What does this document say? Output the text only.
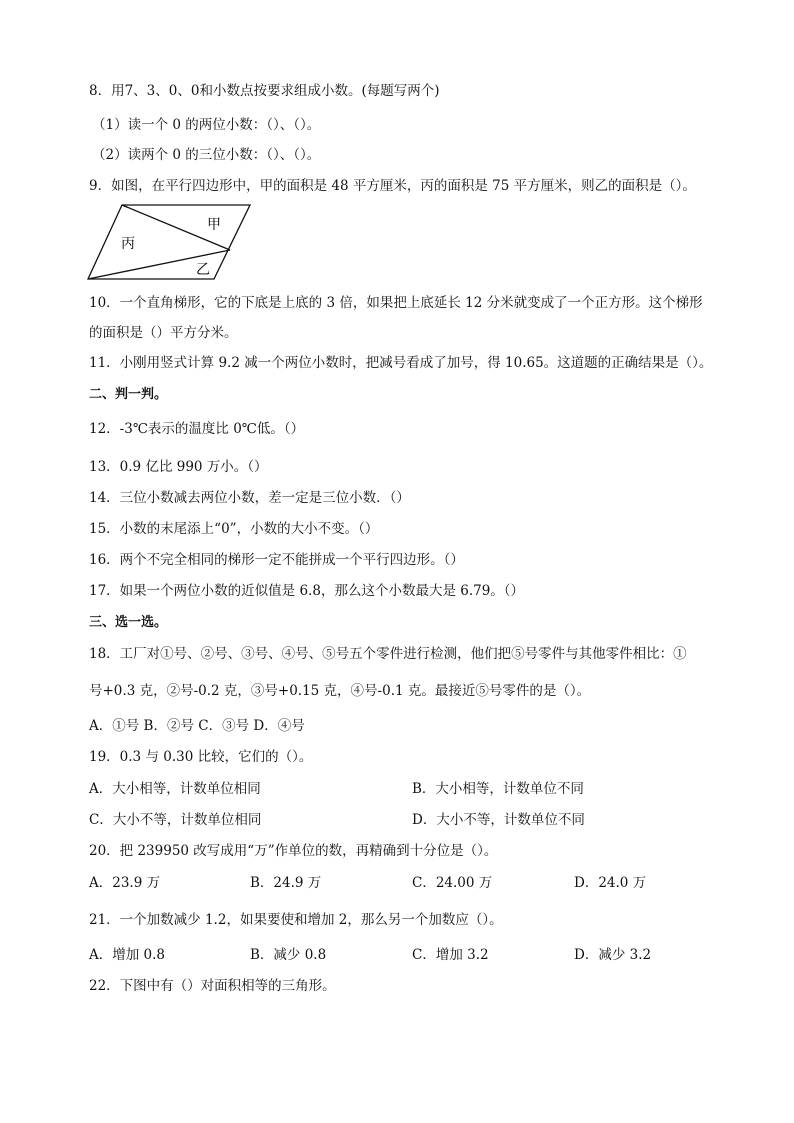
8．用7、3、0、0和小数点按要求组成小数。(每题写两个)
（1）读一个 0 的两位小数：（）、（）。
（2）读两个 0 的三位小数：（）、（）。
9．如图，在平行四边形中，甲的面积是 48 平方厘米，丙的面积是 75 平方厘米，则乙的面积是（）。
甲
丙
乙
10．一个直角梯形，它的下底是上底的 3 倍，如果把上底延长 12 分米就变成了一个正方形。这个梯形
的面积是（）平方分米。
11．小刚用竖式计算 9.2 减一个两位小数时，把减号看成了加号，得 10.65。这道题的正确结果是（）。
二、判一判。
12．-3℃表示的温度比 0℃低。（）
13．0.9 亿比 990 万小。（）
14．三位小数减去两位小数，差一定是三位小数．（）
15．小数的末尾添上“0”，小数的大小不变。（）
16．两个不完全相同的梯形一定不能拼成一个平行四边形。（）
17．如果一个两位小数的近似值是 6.8，那么这个小数最大是 6.79。（）
三、选一选。
18．工厂对①号、②号、③号、④号、⑤号五个零件进行检测，他们把⑤号零件与其他零件相比：①
号+0.3 克，②号-0.2 克，③号+0.15 克，④号-0.1 克。最接近⑤号零件的是（）。
A．①号 B．②号 C．③号 D．④号
19．0.3 与 0.30 比较，它们的（）。
A．大小相等，计数单位相同	B．大小相等，计数单位不同
C．大小不等，计数单位相同	D．大小不等，计数单位不同
20．把 239950 改写成用“万”作单位的数，再精确到十分位是（）。
A．23.9 万	B．24.9 万	C．24.00 万	D．24.0 万
21．一个加数减少 1.2，如果要使和增加 2，那么另一个加数应（）。
A．增加 0.8	B．减少 0.8	C．增加 3.2	D．减少 3.2
22．下图中有（）对面积相等的三角形。
